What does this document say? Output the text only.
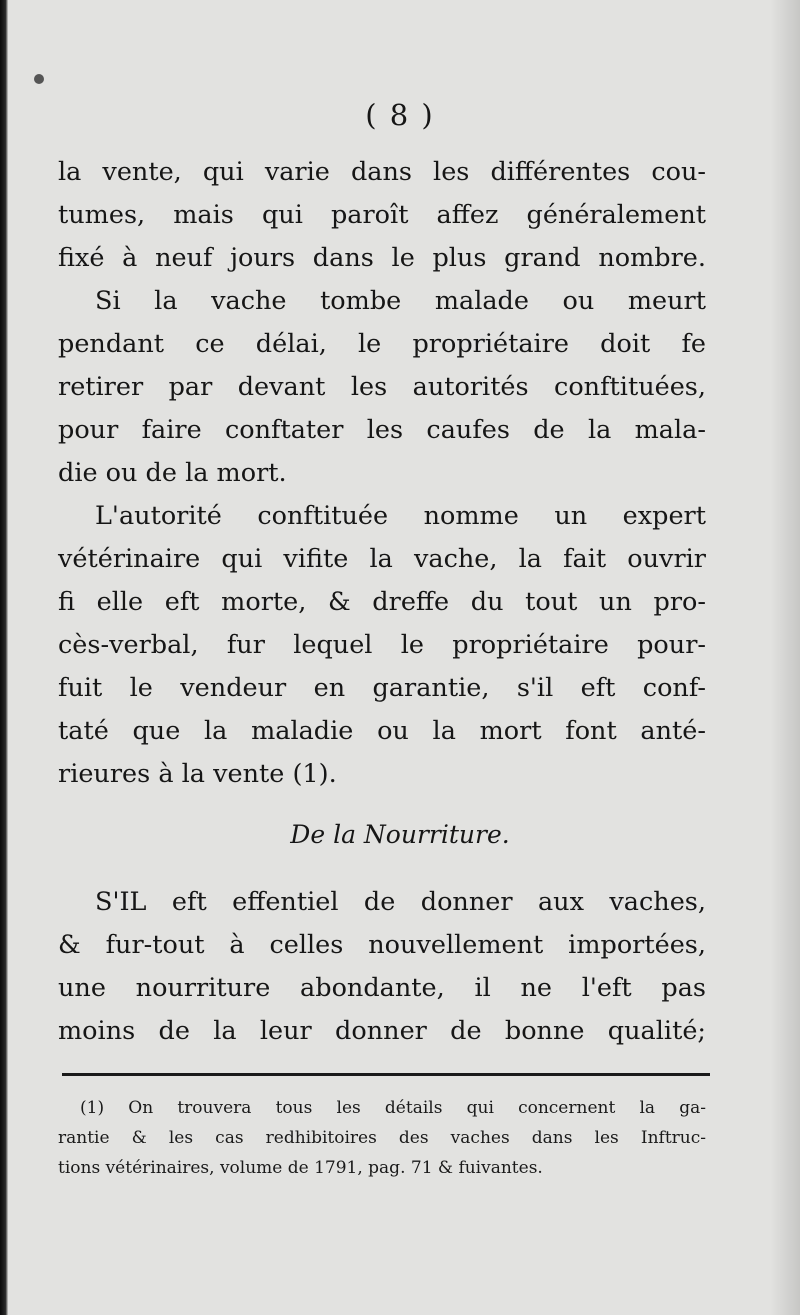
( 8 )
la vente, qui varie dans les différentes cou-
tumes, mais qui paroît affez généralement
fixé à neuf jours dans le plus grand nombre.
Si la vache tombe malade ou meurt
pendant ce délai, le propriétaire doit fe
retirer par devant les autorités conftituées,
pour faire conftater les caufes de la mala-
die ou de la mort.
L'autorité conftituée nomme un expert
vétérinaire qui vifite la vache, la fait ouvrir
fi elle eft morte, & dreffe du tout un pro-
cès-verbal, fur lequel le propriétaire pour-
fuit le vendeur en garantie, s'il eft conf-
taté que la maladie ou la mort font anté-
rieures à la vente (1).
De la Nourriture.
S'IL eft effentiel de donner aux vaches,
& fur-tout à celles nouvellement importées,
une nourriture abondante, il ne l'eft pas
moins de la leur donner de bonne qualité;
(1) On trouvera tous les détails qui concernent la ga-
rantie & les cas redhibitoires des vaches dans les Inftruc-
tions vétérinaires, volume de 1791, pag. 71 & fuivantes.
